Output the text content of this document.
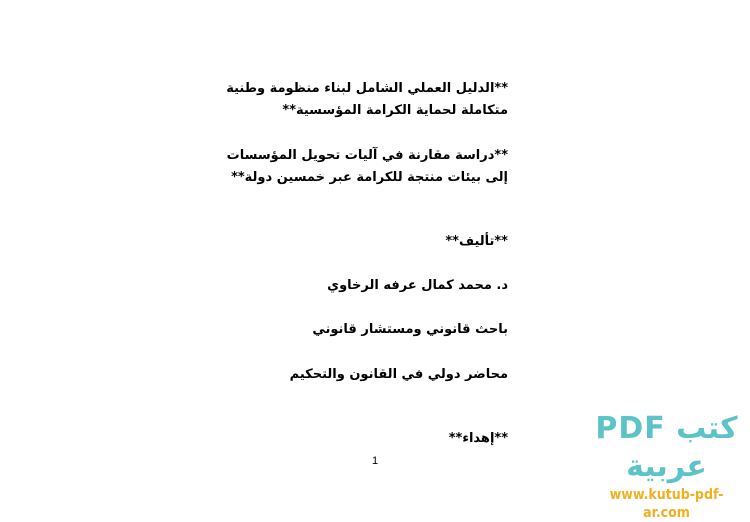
**الدليل العملي الشامل لبناء منظومة وطنية
متكاملة لحماية الكرامة المؤسسية**
**دراسة مقارنة في آليات تحويل المؤسسات
إلى بيئات منتجة للكرامة عبر خمسين دولة**
**تأليف**
د. محمد كمال عرفه الرخاوي
باحث قانوني ومستشار قانوني
محاضر دولي في القانون والتحكيم
**إهداء**
1
كتب PDF عربية
www.kutub-pdf-ar.com
